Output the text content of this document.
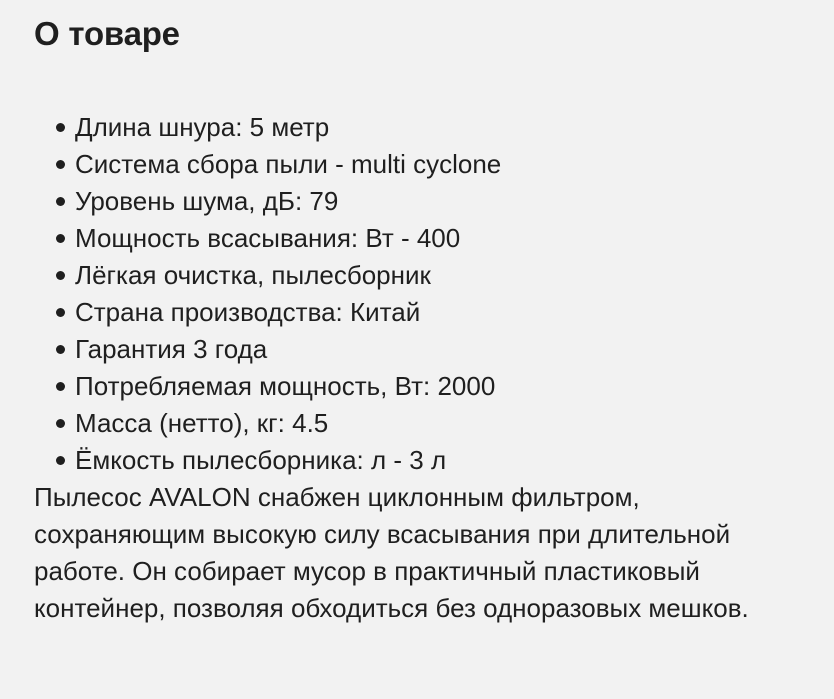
О товаре
Длина шнура: 5 метр
Система сбора пыли - multi cyclone
Уровень шума, дБ: 79
Мощность всасывания: Вт - 400
Лёгкая очистка, пылесборник
Страна производства: Китай
Гарантия 3 года
Потребляемая мощность, Вт: 2000
Масса (нетто), кг: 4.5
Ёмкость пылесборника: л - 3 л

Пылесос AVALON снабжен циклонным фильтром, сохраняющим высокую силу всасывания при длительной работе. Он собирает мусор в практичный пластиковый контейнер, позволяя обходиться без одноразовых мешков.
